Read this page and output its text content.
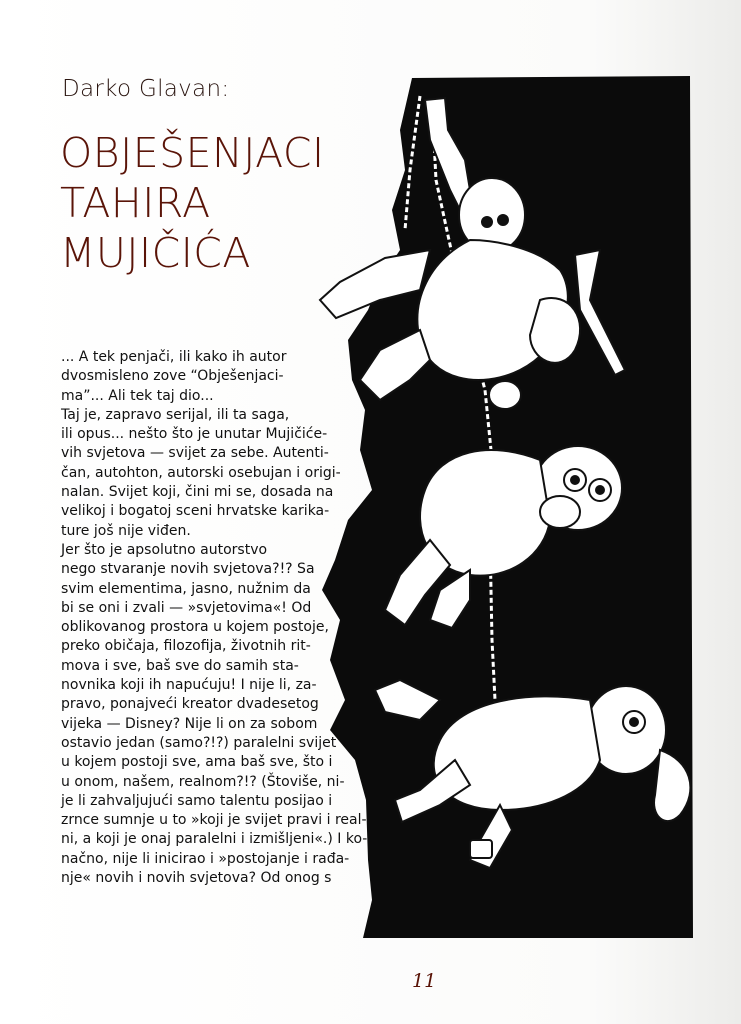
Darko Glavan:
OBJEŠENJACI
TAHIRA
MUJIČIĆA
... A tek penjači, ili kako ih autor
dvosmisleno zove “Obješenjaci-
ma”... Ali tek taj dio...
Taj je, zapravo serijal, ili ta saga,
ili opus... nešto što je unutar Mujičiće-
vih svjetova — svijet za sebe. Autenti-
čan, autohton, autorski osebujan i origi-
nalan. Svijet koji, čini mi se, dosada na
velikoj i bogatoj sceni hrvatske karika-
ture još nije viđen.
Jer što je apsolutno autorstvo
nego stvaranje novih svjetova?!? Sa
svim elementima, jasno, nužnim da
bi se oni i zvali — »svjetovima«! Od
oblikovanog prostora u kojem postoje,
preko običaja, filozofija, životnih rit-
mova i sve, baš sve do samih sta-
novnika koji ih napućuju! I nije li, za-
pravo, ponajveći kreator dvadesetog
vijeka — Disney? Nije li on za sobom
ostavio jedan (samo?!?) paralelni svijet
u kojem postoji sve, ama baš sve, što i
u onom, našem, realnom?!? (Štoviše, ni-
je li zahvaljujući samo talentu posijao i
zrnce sumnje u to »koji je svijet pravi i real-
ni, a koji je onaj paralelni i izmišljeni«.) I ko-
načno, nije li inicirao i »postojanje i rađa-
nje« novih i novih svjetova? Od onog s
11
